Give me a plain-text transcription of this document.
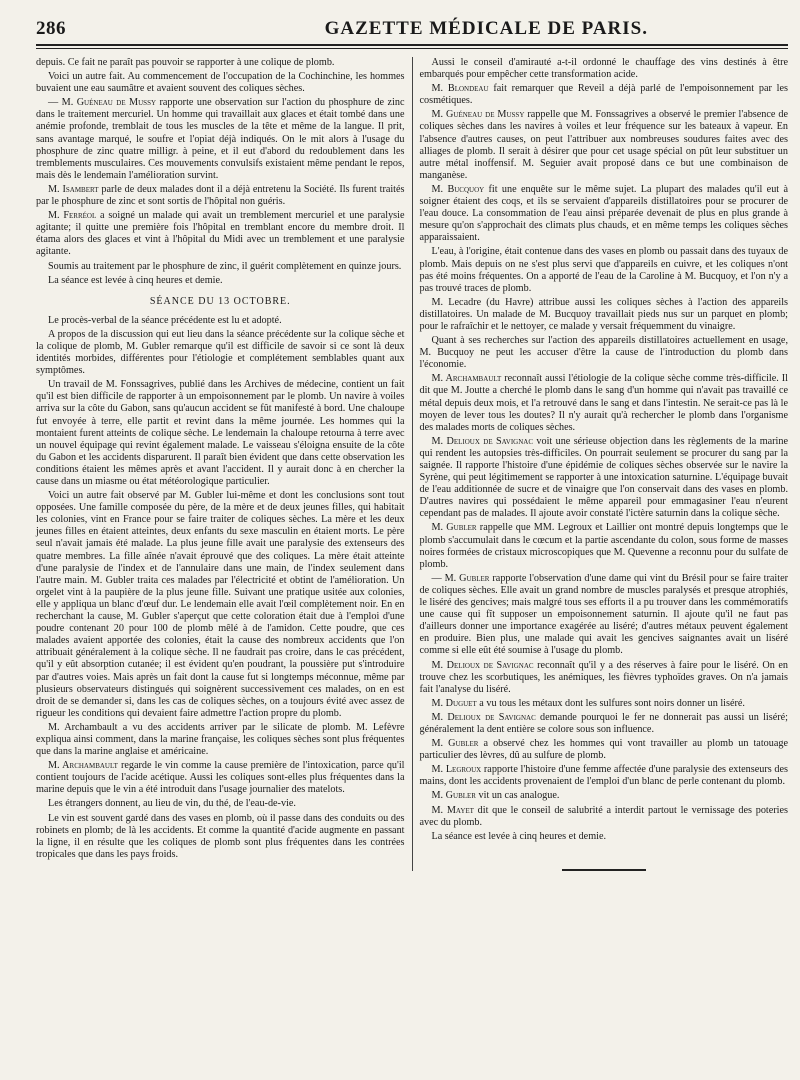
286	GAZETTE MÉDICALE DE PARIS.

depuis. Ce fait ne paraît pas pouvoir se rapporter à une colique de plomb.

Voici un autre fait. Au commencement de l'occupation de la Cochinchine, les hommes buvaient une eau saumâtre et avaient souvent des coliques sèches.

— M. Guéneau de Mussy rapporte une observation sur l'action du phosphure de zinc dans le traitement mercuriel. Un homme qui travaillait aux glaces et était tombé dans une anémie profonde, tremblait de tous les muscles de la tête et même de la langue. Il prit, sans avantage marqué, le soufre et l'opiat déjà indiqués. On le mit alors à l'usage du phosphure de zinc quatre milligr. à peine, et il eut d'abord du redoublement dans les tremblements musculaires. Ces mouvements convulsifs existaient même pendant le repos, mais dès le lendemain l'amélioration survint.

M. Isambert parle de deux malades dont il a déjà entretenu la Société. Ils furent traités par le phosphure de zinc et sont sortis de l'hôpital non guéris.

M. Ferréol a soigné un malade qui avait un tremblement mercuriel et une paralysie agitante; il quitte une première fois l'hôpital en tremblant encore du membre droit. Il étama alors des glaces et vint à l'hôpital du Midi avec un tremblement et une paralysie agitante.

Soumis au traitement par le phosphure de zinc, il guérit complètement en quinze jours.

La séance est levée à cinq heures et demie.

SÉANCE DU 13 OCTOBRE.

Le procès-verbal de la séance précédente est lu et adopté.

A propos de la discussion qui eut lieu dans la séance précédente sur la colique sèche et la colique de plomb, M. Gubler remarque qu'il est difficile de savoir si ce sont là deux identités morbides, différentes pour l'étiologie et complétement semblables quant aux symptômes.

Un travail de M. Fonssagrives, publié dans les Archives de médecine, contient un fait qu'il est bien difficile de rapporter à un empoisonnement par le plomb. Un navire à voiles arriva sur la côte du Gabon, sans qu'aucun accident se fût manifesté à bord. Une chaloupe fut envoyée à terre, elle partit et revint dans la même journée. Les hommes qui la montaient furent atteints de colique sèche. Le lendemain la chaloupe retourna à terre avec un nouvel équipage qui revint également malade. Le vaisseau s'éloigna ensuite de la côte du Gabon et les accidents disparurent. Il paraît bien évident que dans cette observation les conditions étaient les mêmes après et avant l'accident. Il y aurait donc à en chercher la cause dans un miasme ou état météorologique particulier.

Voici un autre fait observé par M. Gubler lui-même et dont les conclusions sont tout opposées. Une famille composée du père, de la mère et de deux jeunes filles, qui habitait les colonies, vint en France pour se faire traiter de coliques sèches. La mère et les deux jeunes filles en étaient atteintes, deux enfants du sexe masculin en étaient morts. Le père seul n'avait jamais été malade. La plus jeune fille avait une paralysie des extenseurs des quatre membres. La fille aînée n'avait éprouvé que des coliques. La mère était atteinte d'une paralysie de l'index et de l'annulaire dans une main, de l'index seulement dans l'autre main. M. Gubler traita ces malades par l'électricité et obtint de l'amélioration. Un orgelet vint à la paupière de la plus jeune fille. Suivant une pratique usitée aux colonies, elle y appliqua un blanc d'œuf dur. Le lendemain elle avait l'œil complètement noir. En en recherchant la cause, M. Gubler s'aperçut que cette coloration était due à l'emploi d'une poudre contenant 20 pour 100 de plomb mêlé à de l'amidon. Cette poudre, que ces malades avaient apportée des colonies, était la cause des nombreux accidents que l'on attribuait généralement à la colique sèche. Il ne faudrait pas croire, dans le cas précédent, qu'il y eût absorption cutanée; il est évident qu'en poudrant, la poussière put s'introduire par d'autres voies. Mais après un fait dont la cause fut si longtemps méconnue, même par plusieurs observateurs distingués qui soignèrent successivement ces malades, on en est droit de se demander si, dans les cas de coliques sèches, on a toujours évité avec assez de rigueur les conditions qui devaient faire admettre l'action propre du plomb.

M. Archambault a vu des accidents arriver par le silicate de plomb. M. Lefèvre expliqua ainsi comment, dans la marine française, les coliques sèches sont plus fréquentes que dans la marine anglaise et américaine.

M. Archambault regarde le vin comme la cause première de l'intoxication, parce qu'il contient toujours de l'acide acétique. Aussi les coliques sont-elles plus fréquentes dans la marine depuis que le vin a été introduit dans l'usage journalier des matelots.

Les étrangers donnent, au lieu de vin, du thé, de l'eau-de-vie.

Le vin est souvent gardé dans des vases en plomb, où il passe dans des conduits ou des robinets en plomb; de là les accidents. Et comme la quantité d'acide augmente en passant la ligne, il en résulte que les coliques de plomb sont plus fréquentes dans les contrées tropicales que dans les pays froids.

Aussi le conseil d'amirauté a-t-il ordonné le chauffage des vins destinés à être embarqués pour empêcher cette transformation acide.

M. Blondeau fait remarquer que Reveil a déjà parlé de l'empoisonnement par les cosmétiques.

M. Guéneau de Mussy rappelle que M. Fonssagrives a observé le premier l'absence de coliques sèches dans les navires à voiles et leur fréquence sur les bateaux à vapeur. En l'absence d'autres causes, on peut l'attribuer aux nombreuses soudures faites avec des alliages de plomb. Il serait à désirer que pour cet usage spécial on pût leur substituer un autre métal inoffensif. M. Seguier avait proposé dans ce but une combinaison de manganèse.

M. Bucquoy fit une enquête sur le même sujet. La plupart des malades qu'il eut à soigner étaient des coqs, et ils se servaient d'appareils distillatoires pour se procurer de l'eau douce. La consommation de l'eau ainsi préparée devenait de plus en plus grande à mesure qu'on s'approchait des climats plus chauds, et en même temps les coliques sèches apparaissaient.

L'eau, à l'origine, était contenue dans des vases en plomb ou passait dans des tuyaux de plomb. Mais depuis on ne s'est plus servi que d'appareils en cuivre, et les coliques n'ont pas été moins fréquentes. On a apporté de l'eau de la Caroline à M. Bucquoy, et l'on n'y a pas trouvé traces de plomb.

M. Lecadre (du Havre) attribue aussi les coliques sèches à l'action des appareils distillatoires. Un malade de M. Bucquoy travaillait pieds nus sur un parquet en plomb; pour le rafraîchir et le nettoyer, ce malade y versait fréquemment du vinaigre.

Quant à ses recherches sur l'action des appareils distillatoires actuellement en usage, M. Bucquoy ne peut les accuser d'être la cause de l'introduction du plomb dans l'économie.

M. Archambault reconnaît aussi l'étiologie de la colique sèche comme très-difficile. Il dit que M. Joutte a cherché le plomb dans le sang d'un homme qui n'avait pas travaillé ce métal depuis deux mois, et l'a retrouvé dans le sang et dans l'intestin. Ne serait-ce pas là le moyen de lever tous les doutes? Il n'y aurait qu'à rechercher le plomb dans l'organisme des malades morts de coliques sèches.

M. Delioux de Savignac voit une sérieuse objection dans les règlements de la marine qui rendent les autopsies très-difficiles. On pourrait seulement se procurer du sang par la saignée. Il rapporte l'histoire d'une épidémie de coliques sèches observée sur le navire la Syrène, qui peut légitimement se rapporter à une intoxication saturnine. L'équipage buvait de l'eau additionnée de sucre et de vinaigre que l'on conservait dans des vases en plomb. D'autres navires qui possédaient le même appareil pour emmagasiner l'eau n'eurent cependant pas de malades. Il ajoute avoir constaté l'ictère saturnin dans la colique sèche.

M. Gubler rappelle que MM. Legroux et Laillier ont montré depuis longtemps que le plomb s'accumulait dans le cœcum et la partie ascendante du colon, sous forme de masses noires formées de cristaux microscopiques que M. Quevenne a reconnu pour du sulfate de plomb.

— M. Gubler rapporte l'observation d'une dame qui vint du Brésil pour se faire traiter de coliques sèches. Elle avait un grand nombre de muscles paralysés et presque atrophiés, le liséré des gencives; mais malgré tous ses efforts il a pu trouver dans les commémoratifs une cause qui fît supposer un empoisonnement saturnin. Il ajoute qu'il ne faut pas d'ailleurs donner une importance exagérée au liséré; d'autres métaux peuvent également en produire. Bien plus, une malade qui avait les gencives saignantes avait un liséré comme si elle eût été soumise à l'usage du plomb.

M. Delioux de Savignac reconnaît qu'il y a des réserves à faire pour le liséré. On en trouve chez les scorbutiques, les anémiques, les fièvres typhoïdes graves. On n'a jamais fait l'analyse du liséré.

M. Duguet a vu tous les métaux dont les sulfures sont noirs donner un liséré.

M. Delioux de Savignac demande pourquoi le fer ne donnerait pas aussi un liséré; généralement la dent entière se colore sous son influence.

M. Gubler a observé chez les hommes qui vont travailler au plomb un tatouage particulier des lèvres, dû au sulfure de plomb.

M. Legroux rapporte l'histoire d'une femme affectée d'une paralysie des extenseurs des mains, dont les accidents provenaient de l'emploi d'un blanc de perle contenant du plomb.

M. Gubler vit un cas analogue.

M. Mayet dit que le conseil de salubrité a interdit partout le vernissage des poteries avec du plomb.

La séance est levée à cinq heures et demie.
